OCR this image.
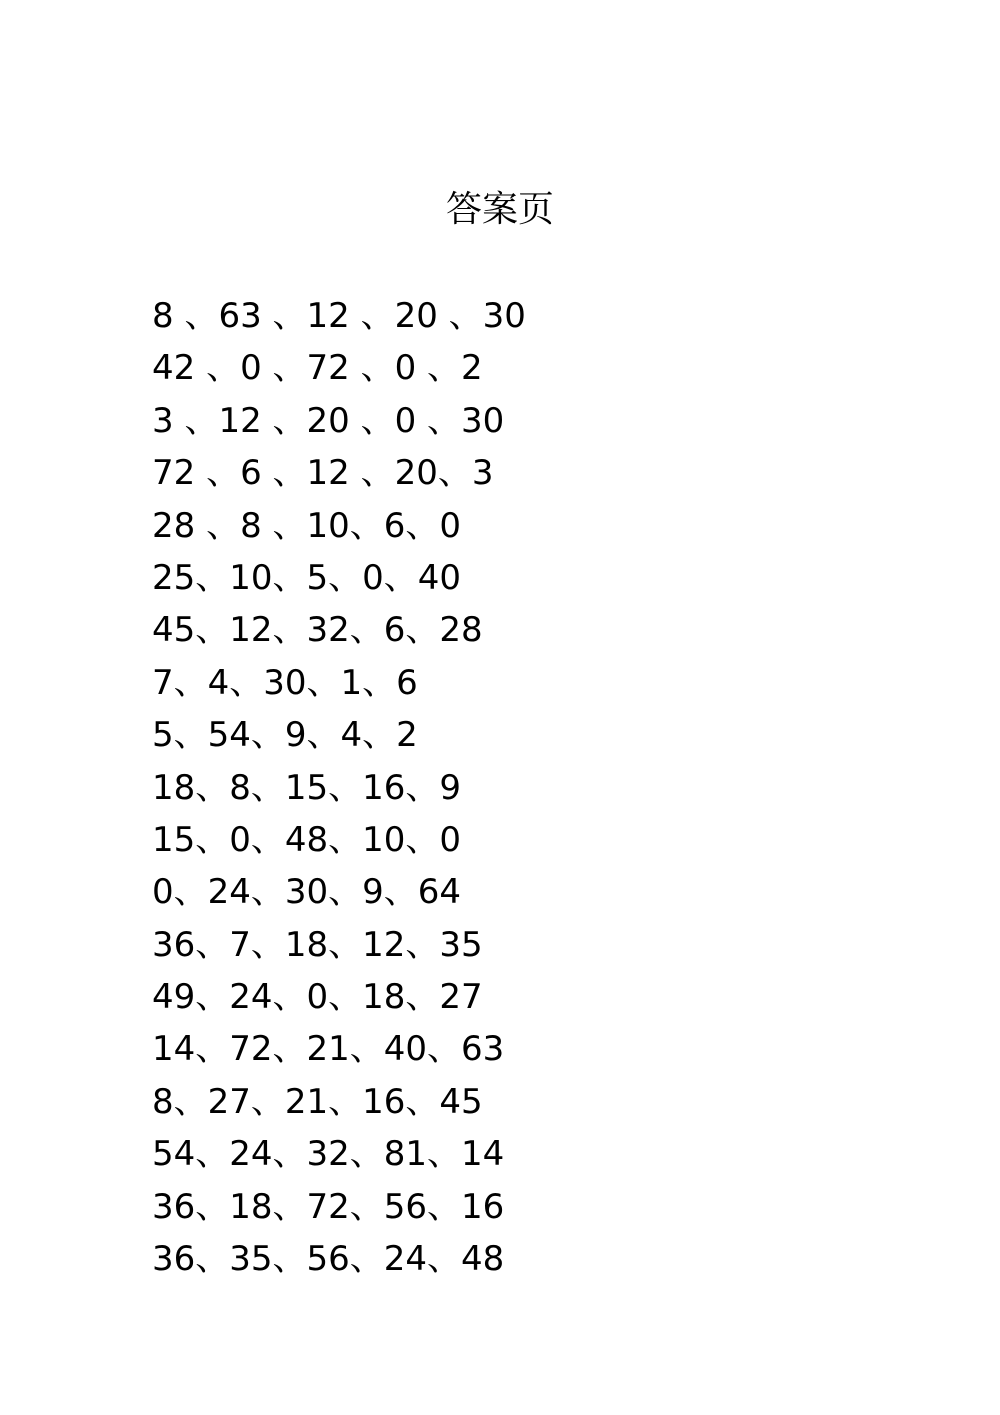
答案页
8 、63 、12 、20 、30
42 、0 、72 、0 、2
3 、12 、20 、0 、30
72 、6 、12 、20、3
28 、8 、10、6、0
25、10、5、0、40
45、12、32、6、28
7、4、30、1、6
5、54、9、4、2
18、8、15、16、9
15、0、48、10、0
0、24、30、9、64
36、7、18、12、35
49、24、0、18、27
14、72、21、40、63
8、27、21、16、45
54、24、32、81、14
36、18、72、56、16
36、35、56、24、48
